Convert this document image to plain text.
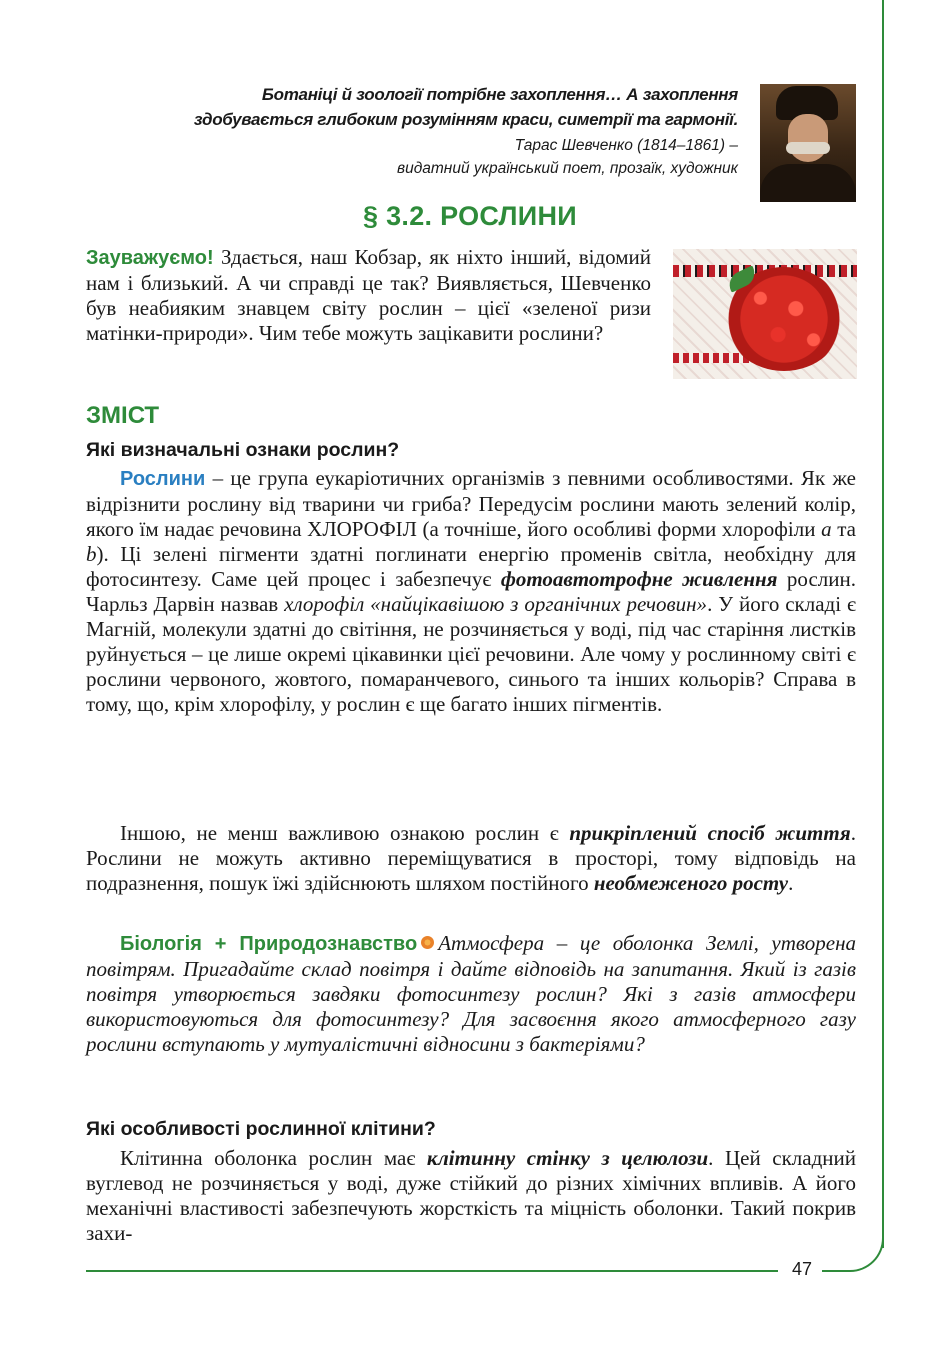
47
Ботаніці й зоології потрібне захоплення… А захоплення
здобувається глибоким розумінням краси, симетрії та гармонії.
Тарас Шевченко (1814–1861) –
видатний український поет, прозаїк, художник
§ 3.2. РОСЛИНИ

Зауважуємо! Здається, наш Кобзар, як ніхто інший, відомий нам і близький. А чи справді це так? Виявляється, Шевченко був неабияким знавцем світу рослин – цієї «зеленої ризи матінки-природи». Чим тебе можуть зацікавити рослини?

ЗМІСТ
Які визначальні ознаки рослин?

Рослини – це група еукаріотичних організмів з певними особливостями. Як же відрізнити рослину від тварини чи гриба? Передусім рослини мають зелений колір, якого їм надає речовина ХЛОРОФІЛ (а точніше, його особливі форми хлорофіли a та b). Ці зелені пігменти здатні поглинати енергію променів світла, необхідну для фотосинтезу. Саме цей процес і забезпечує фотоавтотрофне живлення рослин. Чарльз Дарвін назвав хлорофіл «найцікавішою з органічних речовин». У його складі є Магній, молекули здатні до світіння, не розчиняється у воді, під час старіння листків руйнується – це лише окремі цікавинки цієї речовини. Але чому у рослинному світі є рослини червоного, жовтого, помаранчевого, синього та інших кольорів? Справа в тому, що, крім хлорофілу, у рослин є ще багато інших пігментів.

Іншою, не менш важливою ознакою рослин є прикріплений спосіб життя. Рослини не можуть активно переміщуватися в просторі, тому відповідь на подразнення, пошук їжі здійснюють шляхом постійного необмеженого росту.

Біологія + Природознавство Атмосфера – це оболонка Землі, утворена повітрям. Пригадайте склад повітря і дайте відповідь на запитання. Який із газів повітря утворюється завдяки фотосинтезу рослин? Які з газів атмосфери використовуються для фотосинтезу? Для засвоєння якого атмосферного газу рослини вступають у мутуалістичні відносини з бактеріями?

Які особливості рослинної клітини?

Клітинна оболонка рослин має клітинну стінку з целюлози. Цей складний вуглевод не розчиняється у воді, дуже стійкий до різних хімічних впливів. А його механічні властивості забезпечують жорсткість та міцність оболонки. Такий покрив захи-
